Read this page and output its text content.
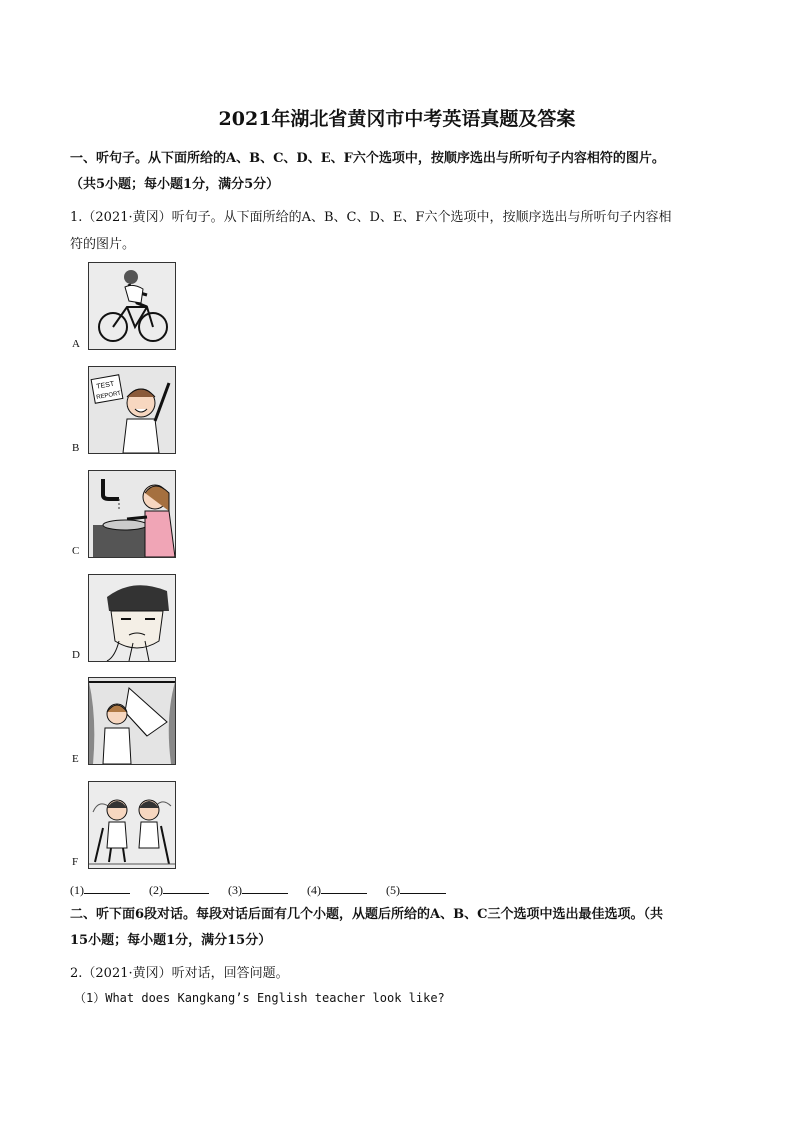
2021年湖北省黄冈市中考英语真题及答案
一、听句子。从下面所给的A、B、C、D、E、F六个选项中，按顺序选出与所听句子内容相符的图片。
（共5小题；每小题1分，满分5分）
1.（2021·黄冈）听句子。从下面所给的A、B、C、D、E、F六个选项中，按顺序选出与所听句子内容相
符的图片。
A
TEST
REPORT
B
C
D
E
F
(1)	(2)	(3)	(4)	(5)
二、听下面6段对话。每段对话后面有几个小题，从题后所给的A、B、C三个选项中选出最佳选项。（共
15小题；每小题1分，满分15分）
2.（2021·黄冈）听对话，回答问题。
（1）What does Kangkang’s English teacher look like?
